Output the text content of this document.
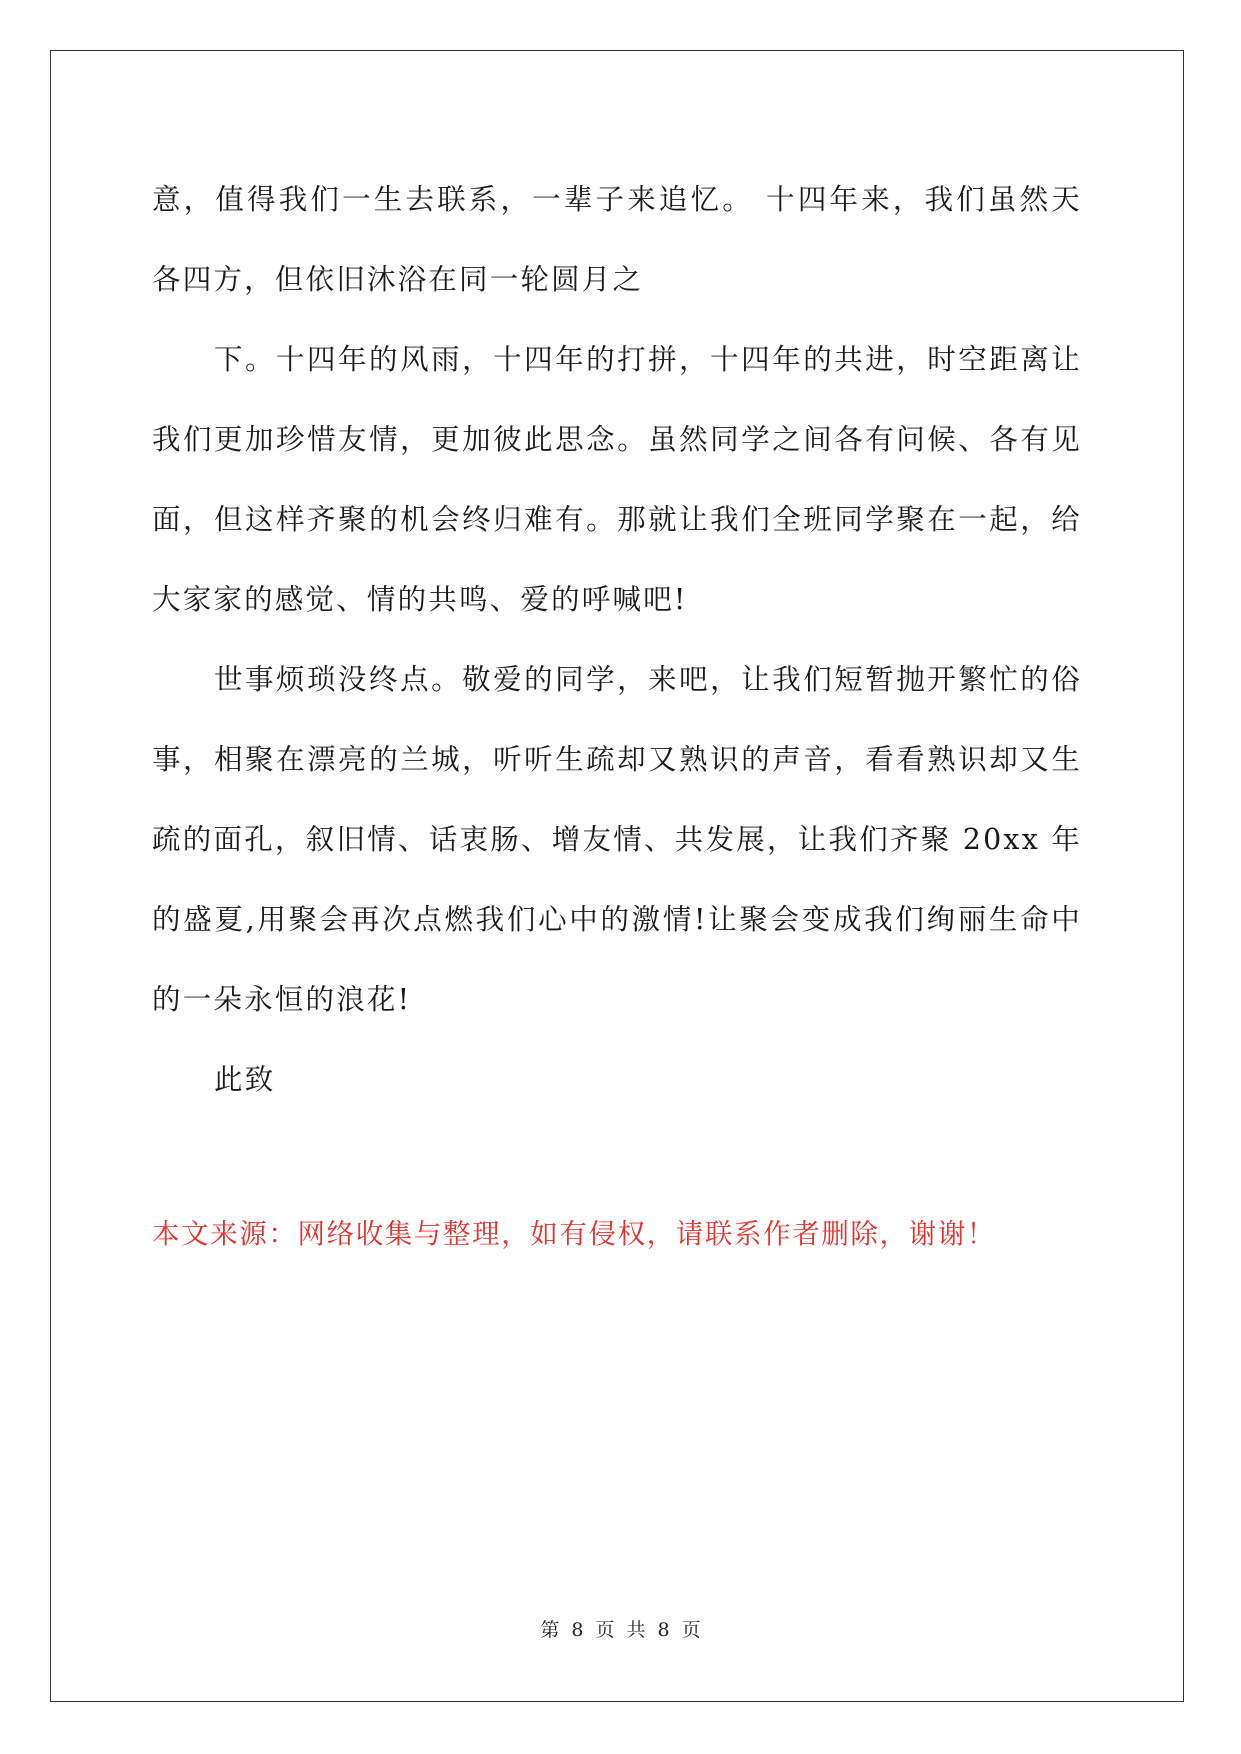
意，值得我们一生去联系，一辈子来追忆。 十四年来，我们虽然天各四方，但依旧沐浴在同一轮圆月之

下。十四年的风雨，十四年的打拼，十四年的共进，时空距离让我们更加珍惜友情，更加彼此思念。虽然同学之间各有问候、各有见面，但这样齐聚的机会终归难有。那就让我们全班同学聚在一起，给大家家的感觉、情的共鸣、爱的呼喊吧!

世事烦琐没终点。敬爱的同学，来吧，让我们短暂抛开繁忙的俗事，相聚在漂亮的兰城，听听生疏却又熟识的声音，看看熟识却又生疏的面孔，叙旧情、话衷肠、增友情、共发展，让我们齐聚 20xx 年的盛夏,用聚会再次点燃我们心中的激情!让聚会变成我们绚丽生命中的一朵永恒的浪花!

此致

本文来源：网络收集与整理，如有侵权，请联系作者删除，谢谢！
第 8 页 共 8 页
